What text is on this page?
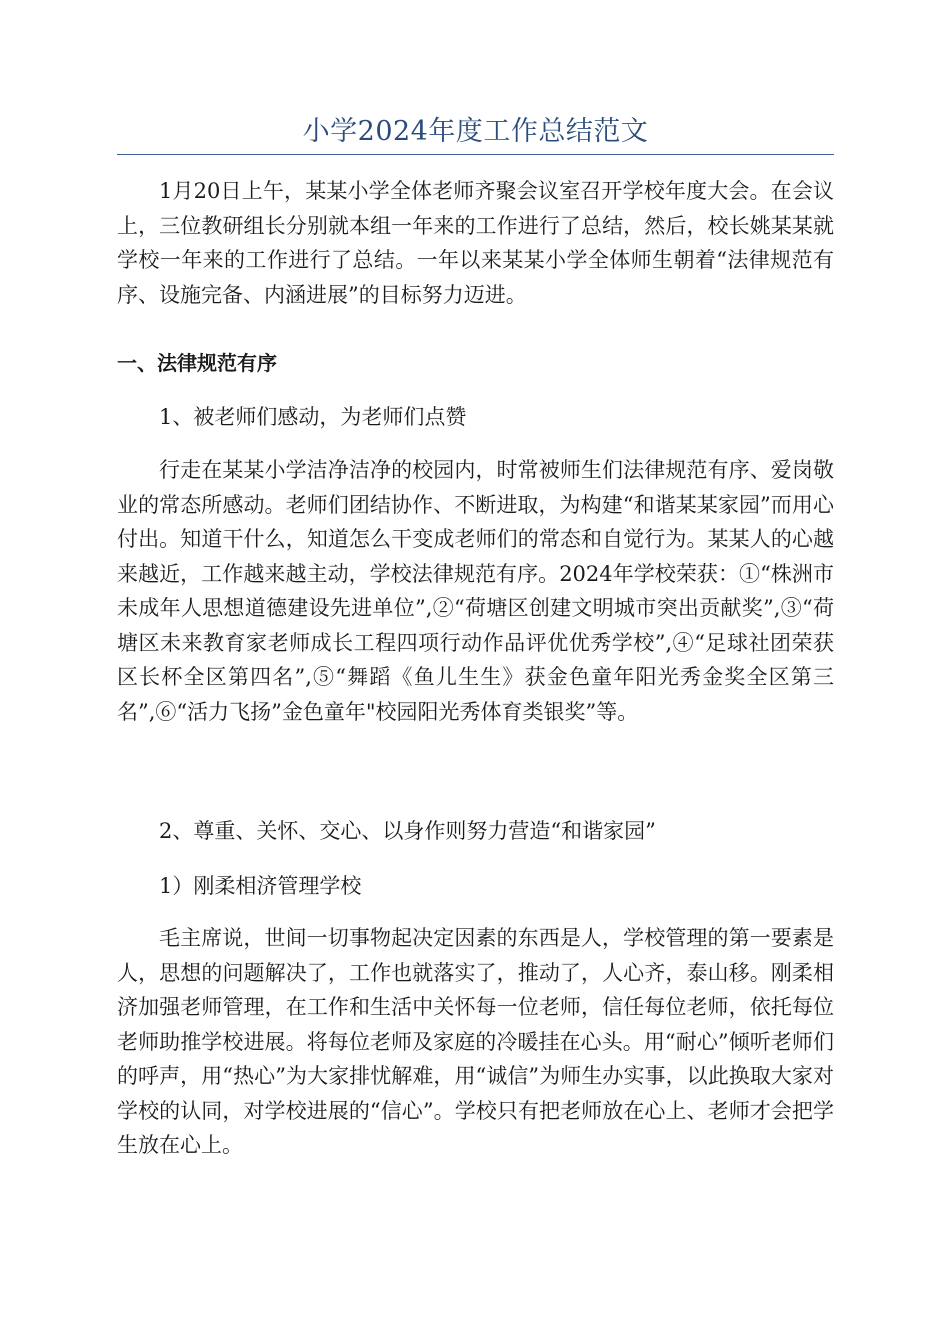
小学2024年度工作总结范文

1月20日上午，某某小学全体老师齐聚会议室召开学校年度大会。在会议上，三位教研组长分别就本组一年来的工作进行了总结，然后，校长姚某某就学校一年来的工作进行了总结。一年以来某某小学全体师生朝着“法律规范有序、设施完备、内涵进展”的目标努力迈进。

一、法律规范有序

1、被老师们感动，为老师们点赞

行走在某某小学洁净洁净的校园内，时常被师生们法律规范有序、爱岗敬业的常态所感动。老师们团结协作、不断进取，为构建“和谐某某家园”而用心付出。知道干什么，知道怎么干变成老师们的常态和自觉行为。某某人的心越来越近，工作越来越主动，学校法律规范有序。2024年学校荣获：①“株洲市未成年人思想道德建设先进单位”,②“荷塘区创建文明城市突出贡献奖”,③“荷塘区未来教育家老师成长工程四项行动作品评优优秀学校”,④“足球社团荣获区长杯全区第四名”,⑤“舞蹈《鱼儿生生》获金色童年阳光秀金奖全区第三名”,⑥“活力飞扬”金色童年"校园阳光秀体育类银奖”等。

2、尊重、关怀、交心、以身作则努力营造“和谐家园”

1）刚柔相济管理学校

毛主席说，世间一切事物起决定因素的东西是人，学校管理的第一要素是人，思想的问题解决了，工作也就落实了，推动了，人心齐，泰山移。刚柔相济加强老师管理，在工作和生活中关怀每一位老师，信任每位老师，依托每位老师助推学校进展。将每位老师及家庭的冷暖挂在心头。用“耐心”倾听老师们的呼声，用“热心”为大家排忧解难，用“诚信”为师生办实事，以此换取大家对学校的认同，对学校进展的“信心”。学校只有把老师放在心上、老师才会把学生放在心上。
